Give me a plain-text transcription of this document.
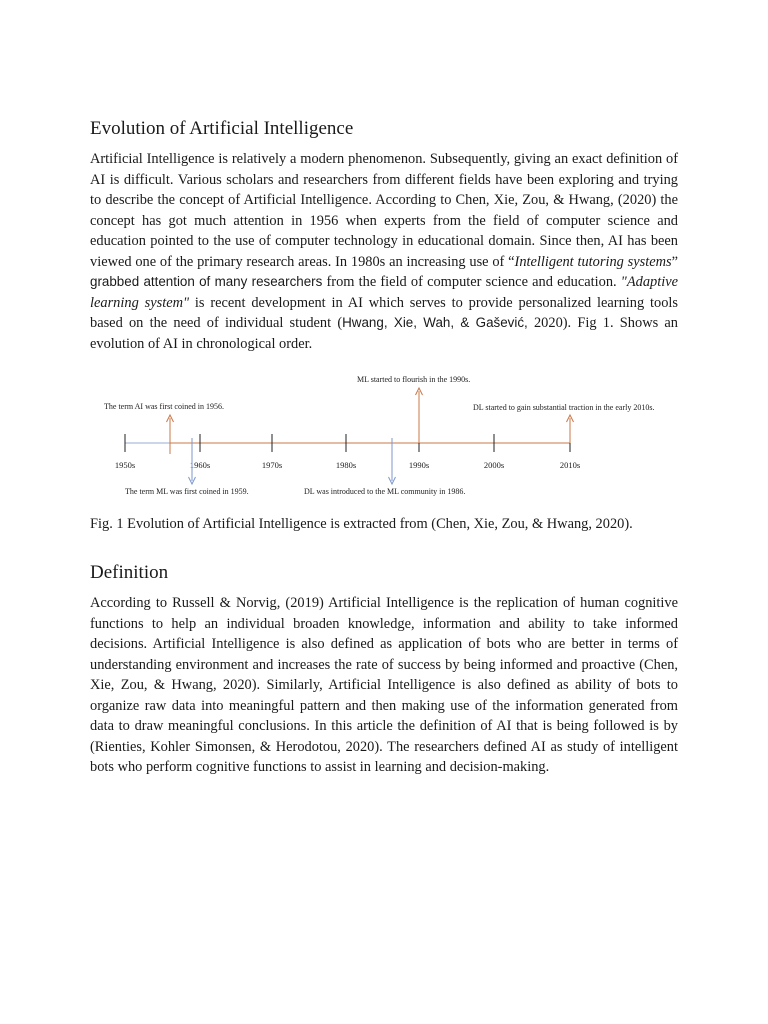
Evolution of Artificial Intelligence

Artificial Intelligence is relatively a modern phenomenon. Subsequently, giving an exact definition of AI is difficult. Various scholars and researchers from different fields have been exploring and trying to describe the concept of Artificial Intelligence. According to Chen, Xie, Zou, & Hwang, (2020) the concept has got much attention in 1956 when experts from the field of computer science and education pointed to the use of computer technology in educational domain. Since then, AI has been viewed one of the primary research areas. In 1980s an increasing use of “Intelligent tutoring systems” grabbed attention of many researchers from the field of computer science and education. "Adaptive learning system" is recent development in AI which serves to provide personalized learning tools based on the need of individual student (Hwang, Xie, Wah, & Gašević, 2020). Fig 1. Shows an evolution of AI in chronological order.

1950s	1960s	1970s	1980s	1990s	2000s	2010s
The term AI was first coined in 1956.
The term ML was first coined in 1959.	DL was introduced to the ML community in 1986.
ML started to flourish in the 1990s.
DL started to gain substantial traction in the early 2010s.

Fig. 1 Evolution of Artificial Intelligence is extracted from (Chen, Xie, Zou, & Hwang, 2020).

Definition

According to Russell & Norvig, (2019) Artificial Intelligence is the replication of human cognitive functions to help an individual broaden knowledge, information and ability to take informed decisions. Artificial Intelligence is also defined as application of bots who are better in terms of understanding environment and increases the rate of success by being informed and proactive (Chen, Xie, Zou, & Hwang, 2020). Similarly, Artificial Intelligence is also defined as ability of bots to organize raw data into meaningful pattern and then making use of the information generated from data to draw meaningful conclusions. In this article the definition of AI that is being followed is by (Rienties, Kohler Simonsen, & Herodotou, 2020). The researchers defined AI as study of intelligent bots who perform cognitive functions to assist in learning and decision-making.
